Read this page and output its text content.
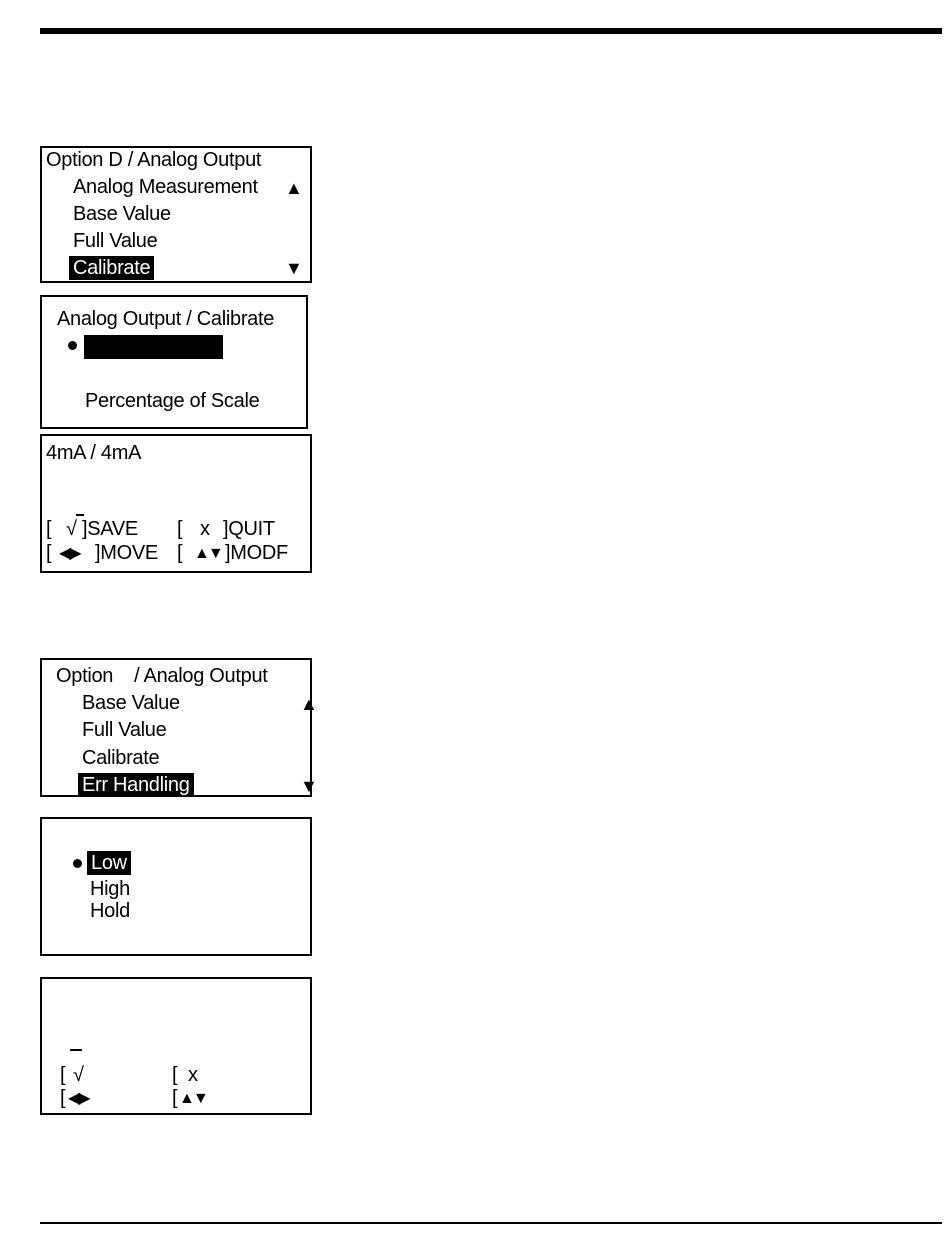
Option D / Analog Output
Analog Measurement
Base Value
Full Value
Calibrate
▲
▼
Analog Output / Calibrate
Percentage of Scale
4mA / 4mA
[ √ ]SAVE [ x ]QUIT
[ ◀▶ ]MOVE [ ▲▼ ]MODF
Option    / Analog Output
Base Value
Full Value
Calibrate
Err Handling
▲
▼
Low
High
Hold
[ √	[ x
[ ◀▶	[ ▲▼
